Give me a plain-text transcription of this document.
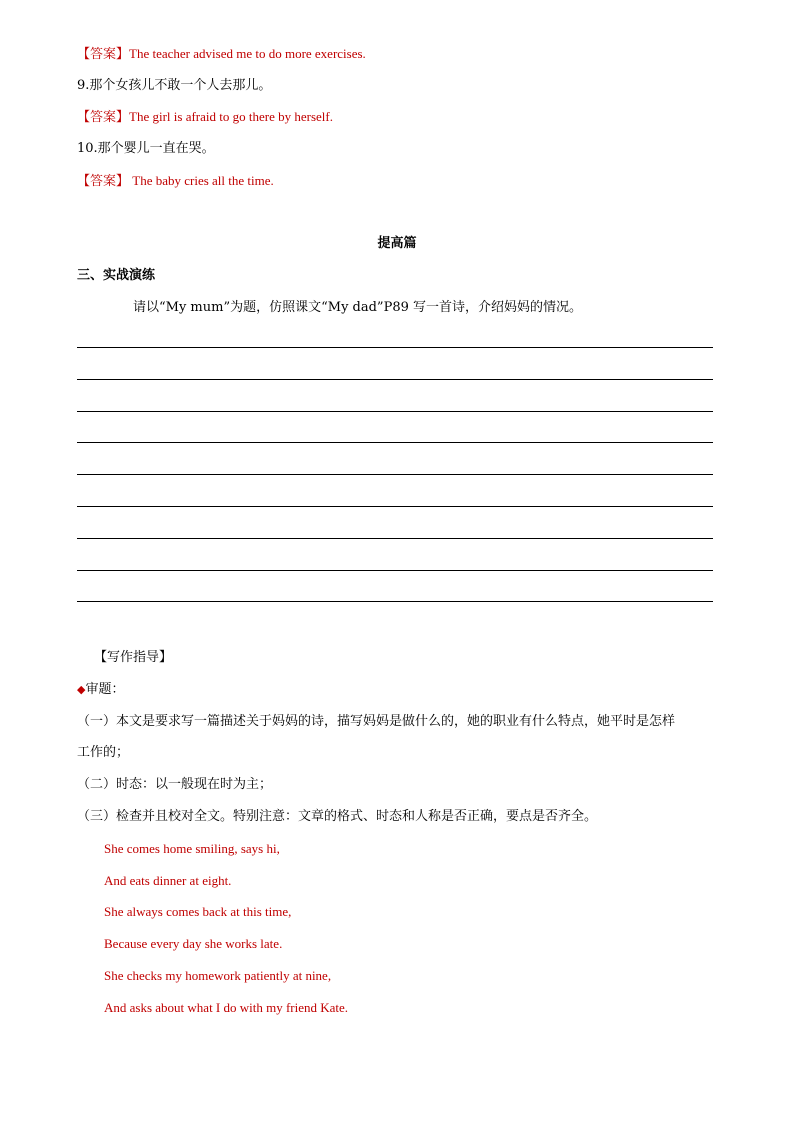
【答案】The teacher advised me to do more exercises.
9.那个女孩儿不敢一个人去那儿。
【答案】The girl is afraid to go there by herself.
10.那个婴儿一直在哭。
【答案】 The baby cries all the time.
提高篇
三、实战演练
请以“My mum”为题，仿照课文“My dad”P89 写一首诗，介绍妈妈的情况。
【写作指导】
◆审题：
（一）本文是要求写一篇描述关于妈妈的诗，描写妈妈是做什么的，她的职业有什么特点，她平时是怎样
工作的；
（二）时态：以一般现在时为主；
（三）检查并且校对全文。特别注意：文章的格式、时态和人称是否正确，要点是否齐全。
She comes home smiling, says hi,
And eats dinner at eight.
She always comes back at this time,
Because every day she works late.
She checks my homework patiently at nine,
And asks about what I do with my friend Kate.
